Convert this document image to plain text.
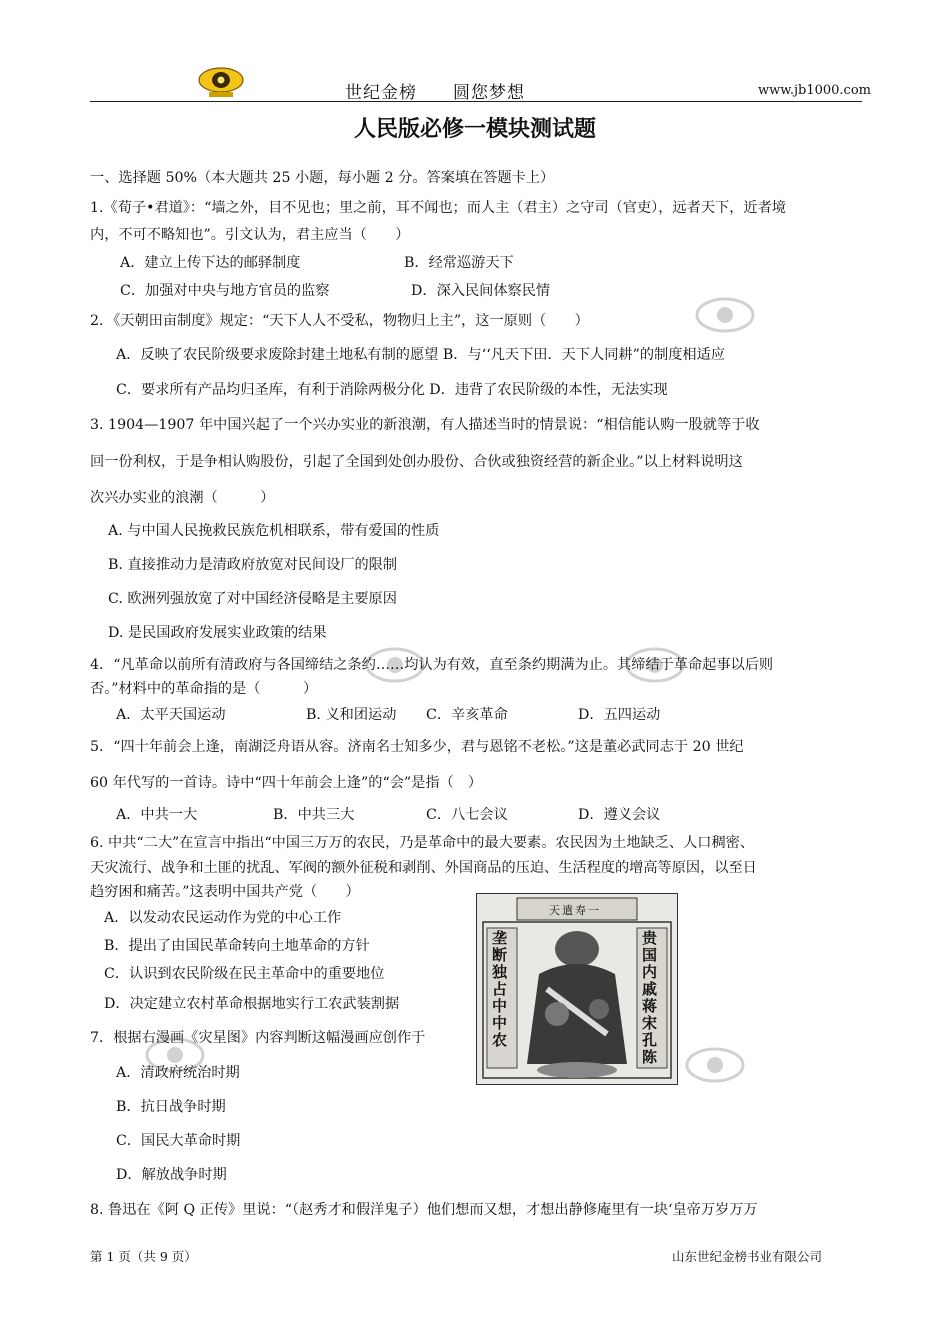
世纪金榜　　圆您梦想	www.jb1000.com
人民版必修一模块测试题
一、选择题 50%（本大题共 25 小题，每小题 2 分。答案填在答题卡上）
1.《荀子•君道》：“墙之外，目不见也；里之前，耳不闻也；而人主（君主）之守司（官吏），远者天下，近者境
内，不可不略知也”。引文认为，君主应当（　　）
A．建立上传下达的邮驿制度	B．经常巡游天下
C．加强对中央与地方官员的监察	D．深入民间体察民情
2．《天朝田亩制度》规定：“天下人人不受私，物物归上主”，这一原则（　　）
A．反映了农民阶级要求废除封建土地私有制的愿望 B．与‘‘凡天下田．天下人同耕”的制度相适应
C．要求所有产品均归圣库，有利于消除两极分化 D．违背了农民阶级的本性，无法实现
3. 1904—1907 年中国兴起了一个兴办实业的新浪潮，有人描述当时的情景说：“相信能认购一股就等于收
回一份利权，于是争相认购股份，引起了全国到处创办股份、合伙或独资经营的新企业。”以上材料说明这
次兴办实业的浪潮（　　　）
A. 与中国人民挽救民族危机相联系，带有爱国的性质
B. 直接推动力是清政府放宽对民间设厂的限制
C. 欧洲列强放宽了对中国经济侵略是主要原因
D. 是民国政府发展实业政策的结果
4．“凡革命以前所有清政府与各国缔结之条约……均认为有效，直至条约期满为止。其缔结于革命起事以后则
否。”材料中的革命指的是（　　　）
A．太平天国运动	B. 义和团运动 C．辛亥革命	D．五四运动
5．“四十年前会上逢，南湖泛舟语从容。济南名士知多少，君与恩铭不老松。”这是董必武同志于 20 世纪
60 年代写的一首诗。诗中“四十年前会上逢”的“会”是指（　）
A．中共一大	B．中共三大	C．八七会议	D．遵义会议
6. 中共“二大”在宣言中指出“中国三万万的农民，乃是革命中的最大要素。农民因为土地缺乏、人口稠密、
天灾流行、战争和土匪的扰乱、军阀的额外征税和剥削、外国商品的压迫、生活程度的增高等原因，以至日
趋穷困和痛苦。”这表明中国共产党（　　）
A．以发动农民运动作为党的中心工作
B．提出了由国民革命转向土地革命的方针
C．认识到农民阶级在民主革命中的重要地位
D．决定建立农村革命根据地实行工农武装割据
7．根据右漫画《灾星图》内容判断这幅漫画应创作于
A．清政府统治时期
B．抗日战争时期
C．国民大革命时期
D．解放战争时期
8. 鲁迅在《阿 Q 正传》里说：“（赵秀才和假洋鬼子）他们想而又想，才想出静修庵里有一块‘皇帝万岁万万
天遣寿一
垄断独占中中农
贵国内戚蒋宋孔陈
第 1 页（共 9 页）	山东世纪金榜书业有限公司
